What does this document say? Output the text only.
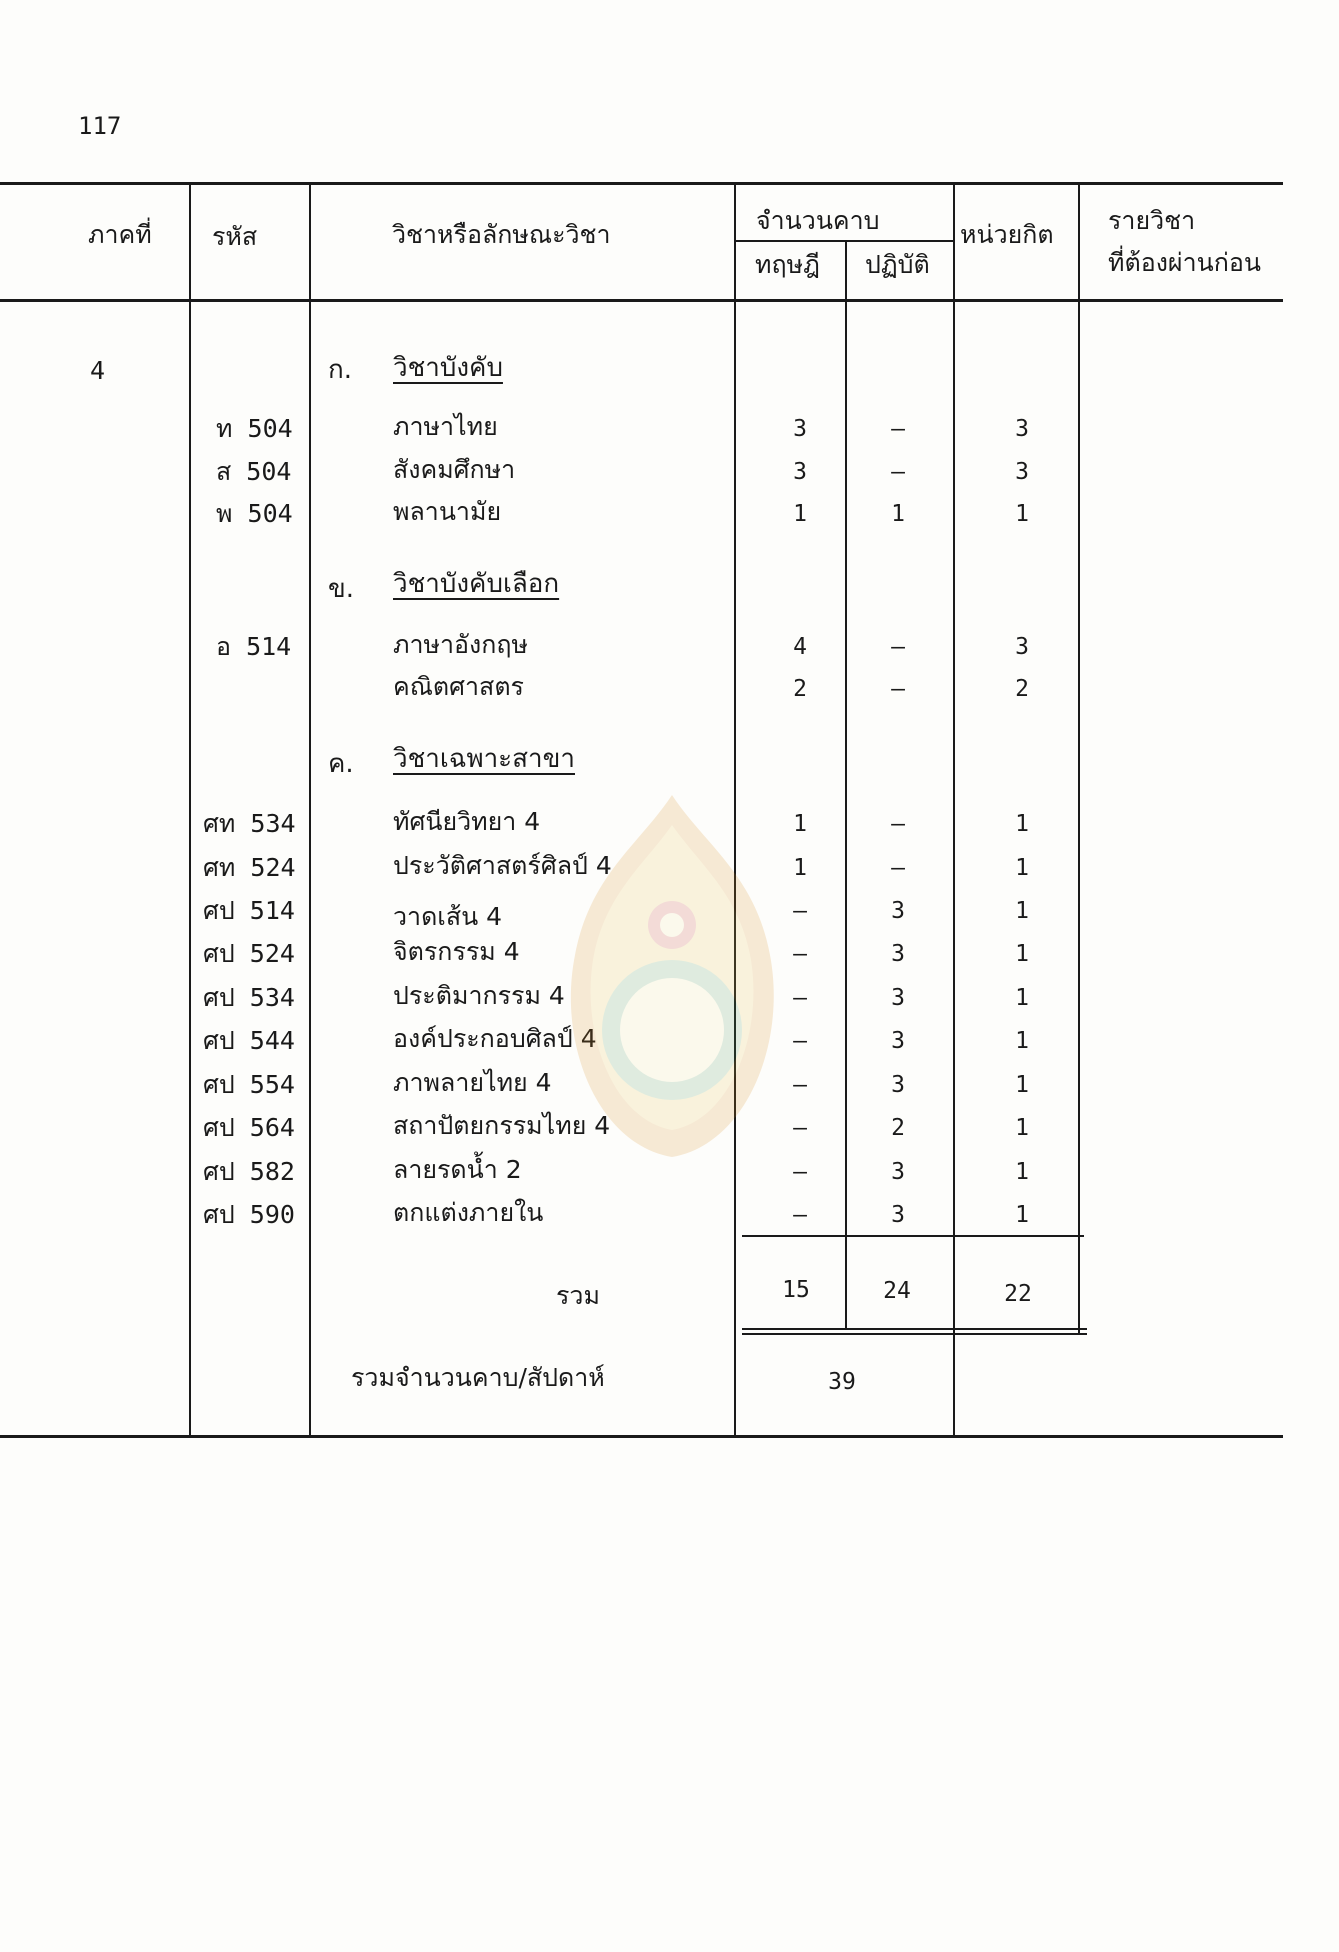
117
ภาคที่ รหัส	วิชาหรือลักษณะวิชา	จำนวนคาบ
ทฤษฎี ปฏิบัติ
หน่วยกิต รายวิชา
ที่ต้องผ่านก่อน
4	ก. วิชาบังคับ
ท 504	ภาษาไทย	3	–	3
ส 504	สังคมศึกษา	3	–	3
พ 504	พลานามัย	1	1	1
ข. วิชาบังคับเลือก
อ 514	ภาษาอังกฤษ	4	–	3
คณิตศาสตร	2	–	2
ค. วิชาเฉพาะสาขา
ศท 534	ทัศนียวิทยา 4	1	–	1
ศท 524	ประวัติศาสตร์ศิลป์ 4	1	–	1
ศป 514	วาดเส้น 4	–	3	1
ศป 524	จิตรกรรม 4	–	3	1
ศป 534	ประติมากรรม 4	–	3	1
ศป 544	องค์ประกอบศิลป์ 4	–	3	1
ศป 554	ภาพลายไทย 4	–	3	1
ศป 564	สถาปัตยกรรมไทย 4	–	2	1
ศป 582	ลายรดน้ำ 2	–	3	1
ศป 590	ตกแต่งภายใน	–	3	1
รวม	15	24	22
รวมจำนวนคาบ/สัปดาห์	39
